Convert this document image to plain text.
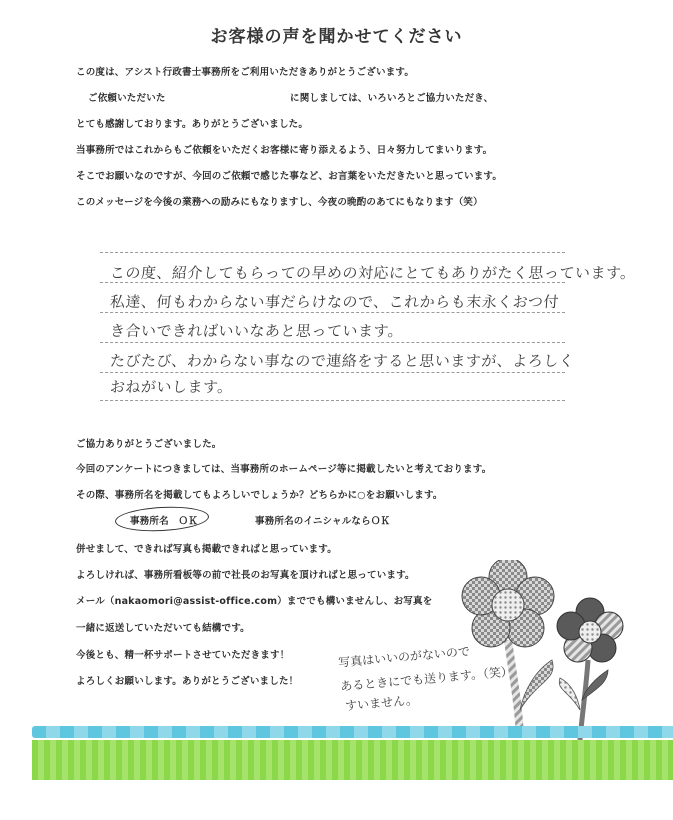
お客様の声を聞かせてください
この度は、アシスト行政書士事務所をご利用いただきありがとうございます。
ご依頼いただいた	に関しましては、いろいろとご協力いただき、
とても感謝しております。ありがとうございました。
当事務所ではこれからもご依頼をいただくお客様に寄り添えるよう、日々努力してまいります。
そこでお願いなのですが、今回のご依頼で感じた事など、お言葉をいただきたいと思っています。
このメッセージを今後の業務への励みにもなりますし、今夜の晩酌のあてにもなります（笑）
この度、紹介してもらっての早めの対応にとてもありがたく思っています。
私達、何もわからない事だらけなので、これからも末永くおつ付
き合いできればいいなあと思っています。
たびたび、わからない事なので連絡をすると思いますが、よろしく
おねがいします。
ご協力ありがとうございました。
今回のアンケートにつきましては、当事務所のホームページ等に掲載したいと考えております。
その際、事務所名を掲載してもよろしいでしょうか？どちらかに○をお願いします。
事務所名　ＯＫ	事務所名のイニシャルならＯＫ
併せまして、できれば写真も掲載できればと思っています。
よろしければ、事務所看板等の前で社長のお写真を頂ければと思っています。
メール（nakaomori@assist-office.com）まででも構いませんし、お写真を
一緒に返送していただいても結構です。
今後とも、精一杯サポートさせていただきます！
よろしくお願いします。ありがとうございました！
写真はいいのがないので
あるときにでも送ります。（笑）
すいません。
